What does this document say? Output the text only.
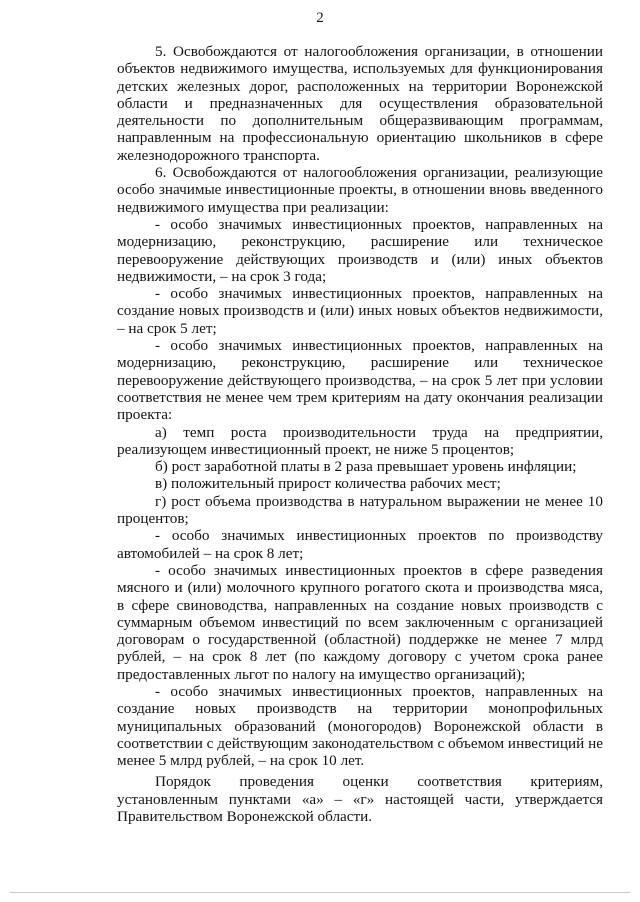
2

5. Освобождаются от налогообложения организации, в отношении объектов недвижимого имущества, используемых для функционирования детских железных дорог, расположенных на территории Воронежской области и предназначенных для осуществления образовательной деятельности по дополнительным общеразвивающим программам, направленным на профессиональную ориентацию школьников в сфере железнодорожного транспорта.

6. Освобождаются от налогообложения организации, реализующие особо значимые инвестиционные проекты, в отношении вновь введенного недвижимого имущества при реализации:

- особо значимых инвестиционных проектов, направленных на модернизацию, реконструкцию, расширение или техническое перевооружение действующих производств и (или) иных объектов недвижимости, – на срок 3 года;

- особо значимых инвестиционных проектов, направленных на создание новых производств и (или) иных новых объектов недвижимости, – на срок 5 лет;

- особо значимых инвестиционных проектов, направленных на модернизацию, реконструкцию, расширение или техническое перевооружение действующего производства, – на срок 5 лет при условии соответствия не менее чем трем критериям на дату окончания реализации проекта:

а) темп роста производительности труда на предприятии, реализующем инвестиционный проект, не ниже 5 процентов;

б) рост заработной платы в 2 раза превышает уровень инфляции;

в) положительный прирост количества рабочих мест;

г) рост объема производства в натуральном выражении не менее 10 процентов;

- особо значимых инвестиционных проектов по производству автомобилей – на срок 8 лет;

- особо значимых инвестиционных проектов в сфере разведения мясного и (или) молочного крупного рогатого скота и производства мяса, в сфере свиноводства, направленных на создание новых производств с суммарным объемом инвестиций по всем заключенным с организацией договорам о государственной (областной) поддержке не менее 7 млрд рублей, – на срок 8 лет (по каждому договору с учетом срока ранее предоставленных льгот по налогу на имущество организаций);

- особо значимых инвестиционных проектов, направленных на создание новых производств на территории монопрофильных муниципальных образований (моногородов) Воронежской области в соответствии с действующим законодательством с объемом инвестиций не менее 5 млрд рублей, – на срок 10 лет.

Порядок проведения оценки соответствия критериям, установленным пунктами «а» – «г» настоящей части, утверждается Правительством Воронежской области.
